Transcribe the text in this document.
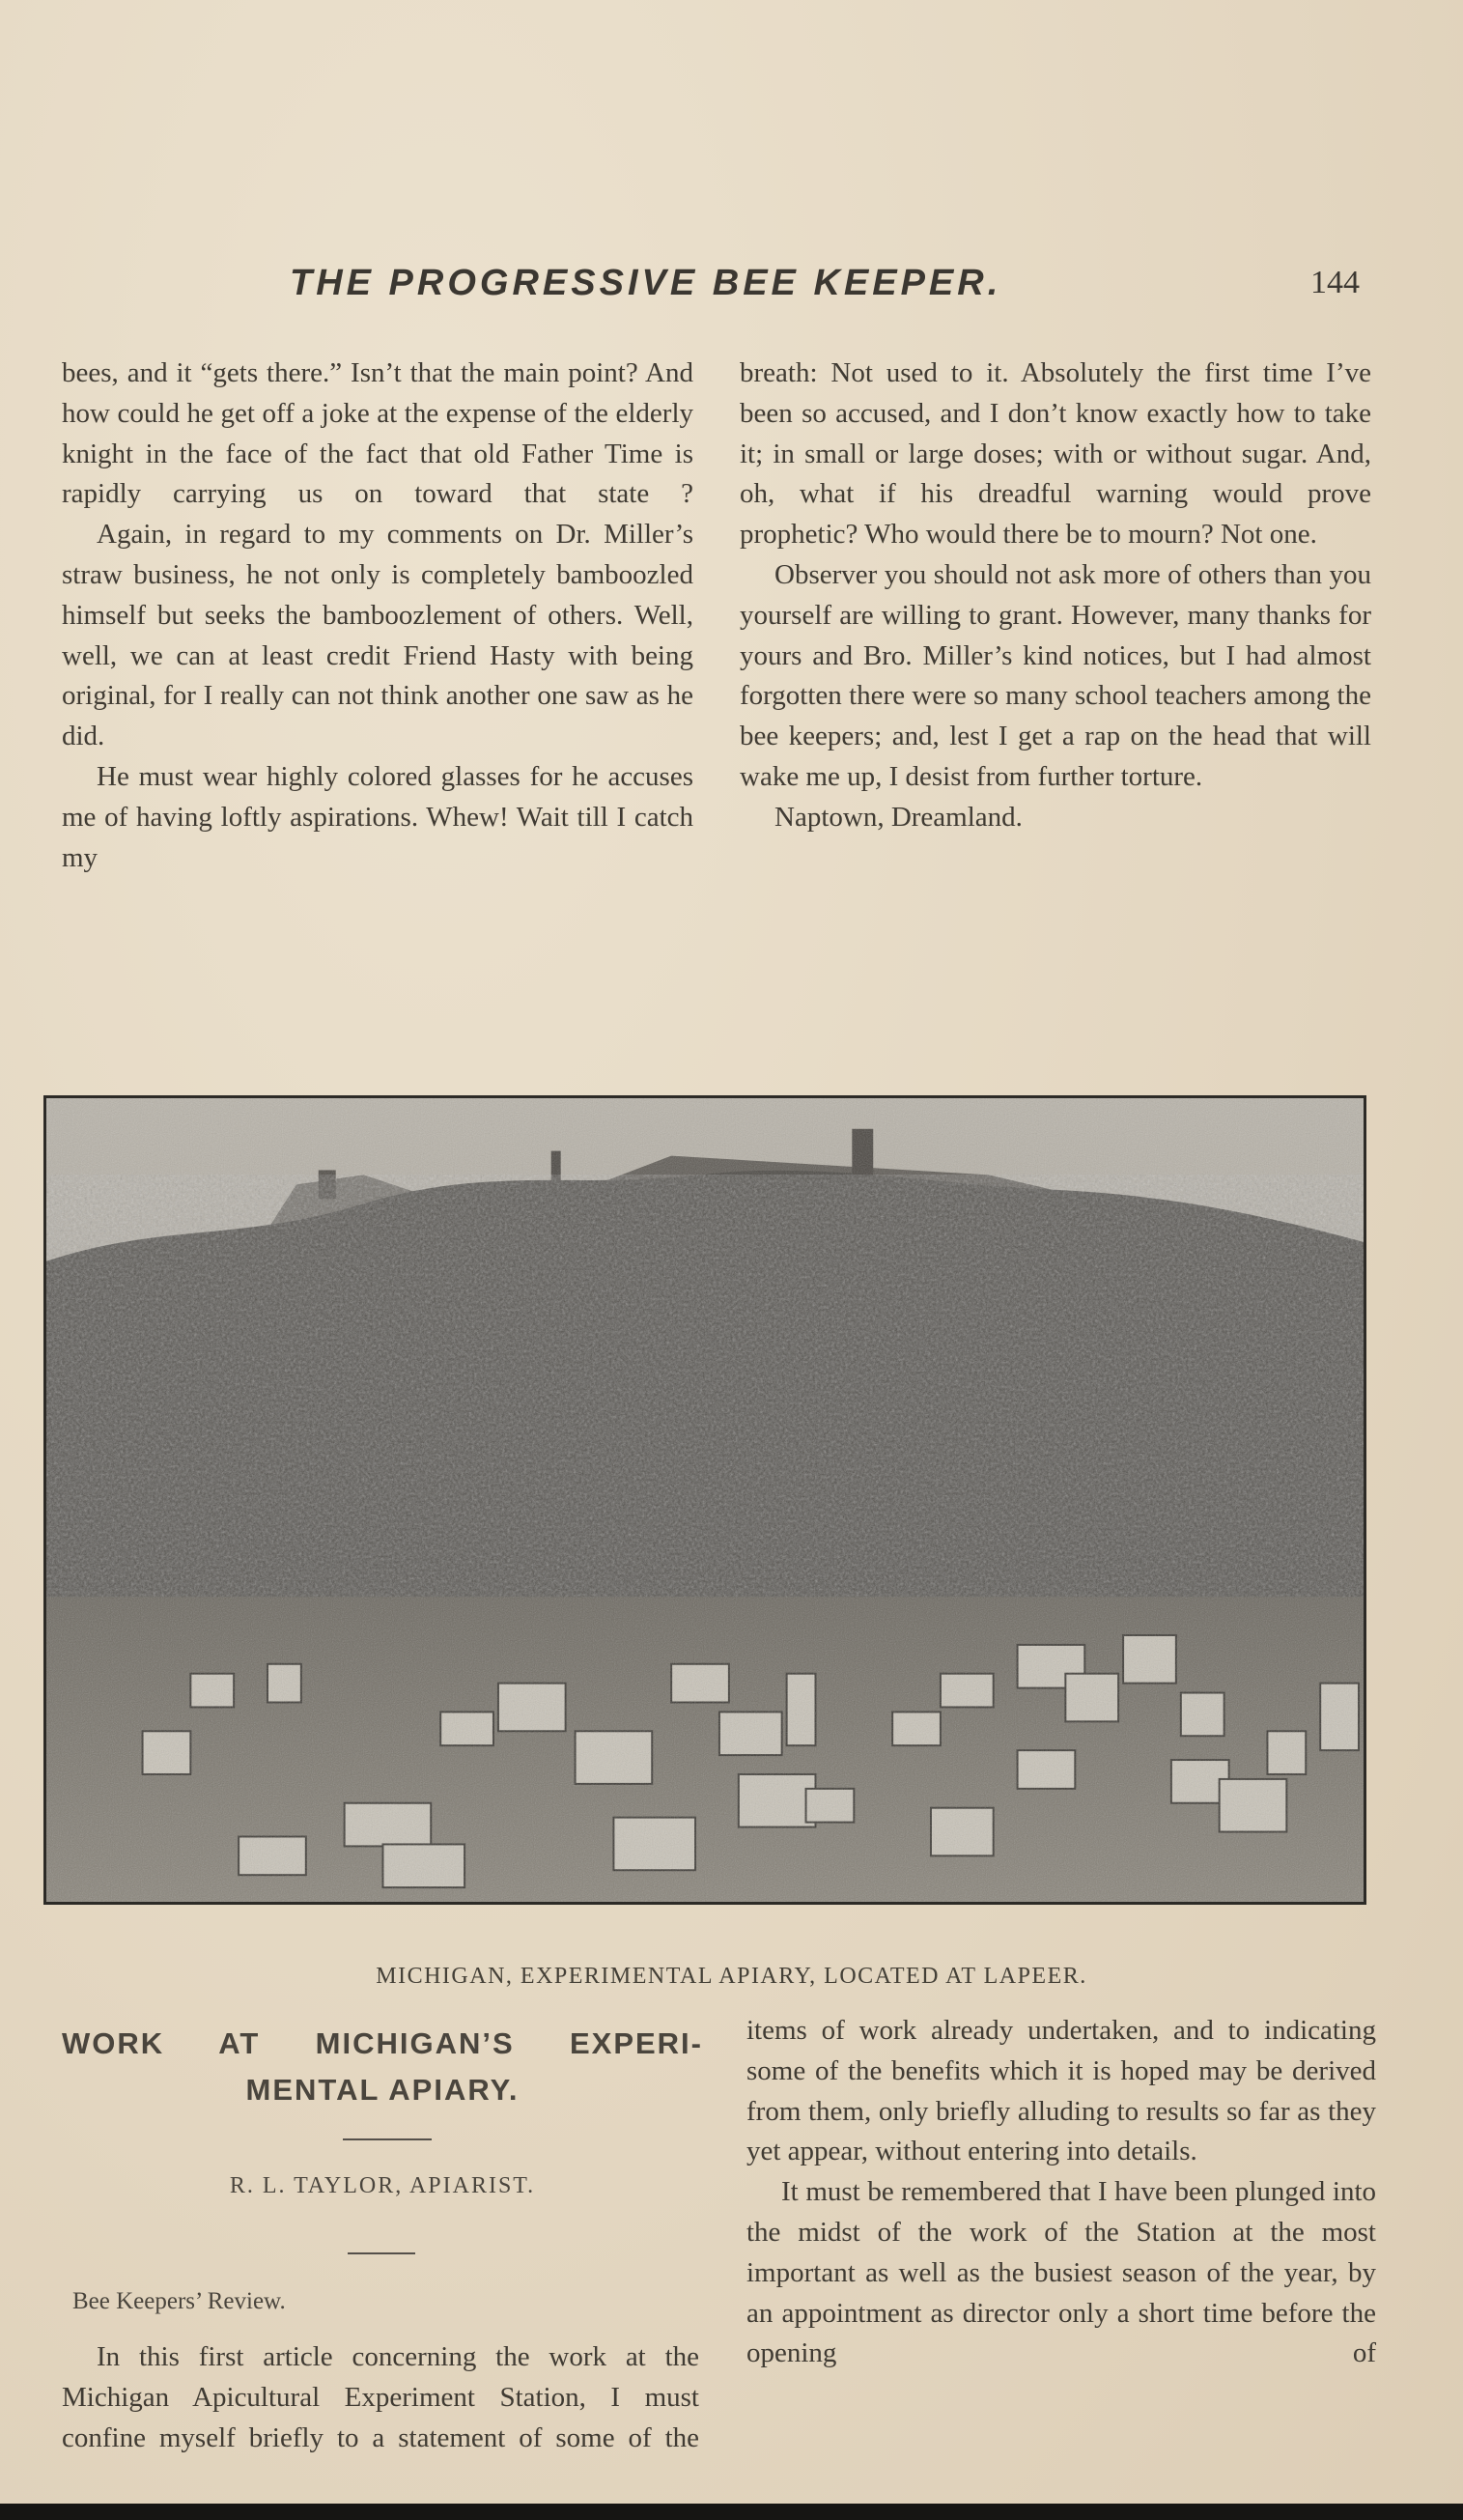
THE PROGRESSIVE BEE KEEPER.	144

bees, and it “gets there.” Isn’t that the main point? And how could he get off a joke at the expense of the elderly knight in the face of the fact that old Father Time is rapidly carrying us on toward that state ?

Again, in regard to my comments on Dr. Miller’s straw business, he not only is completely bamboozled himself but seeks the bamboozlement of others. Well, well, we can at least credit Friend Hasty with being original, for I really can not think another one saw as he did.

He must wear highly colored glasses for he accuses me of having loftly aspirations. Whew! Wait till I catch my

breath: Not used to it. Absolutely the first time I’ve been so accused, and I don’t know exactly how to take it; in small or large doses; with or without sugar. And, oh, what if his dreadful warning would prove prophetic? Who would there be to mourn? Not one.

Observer you should not ask more of others than you yourself are willing to grant. However, many thanks for yours and Bro. Miller’s kind notices, but I had almost forgotten there were so many school teachers among the bee keepers; and, lest I get a rap on the head that will wake me up, I desist from further torture.

Naptown, Dreamland.

MICHIGAN, EXPERIMENTAL APIARY, LOCATED AT LAPEER.
WORK AT MICHIGAN’S EXPERI-
MENTAL APIARY.
R. L. TAYLOR, APIARIST.
Bee Keepers’ Review.

In this first article concerning the work at the Michigan Apicultural Experiment Station, I must confine myself briefly to a statement of some of the

items of work already undertaken, and to indicating some of the benefits which it is hoped may be derived from them, only briefly alluding to results so far as they yet appear, without entering into details.

It must be remembered that I have been plunged into the midst of the work of the Station at the most important as well as the busiest season of the year, by an appointment as director only a short time before the opening of
